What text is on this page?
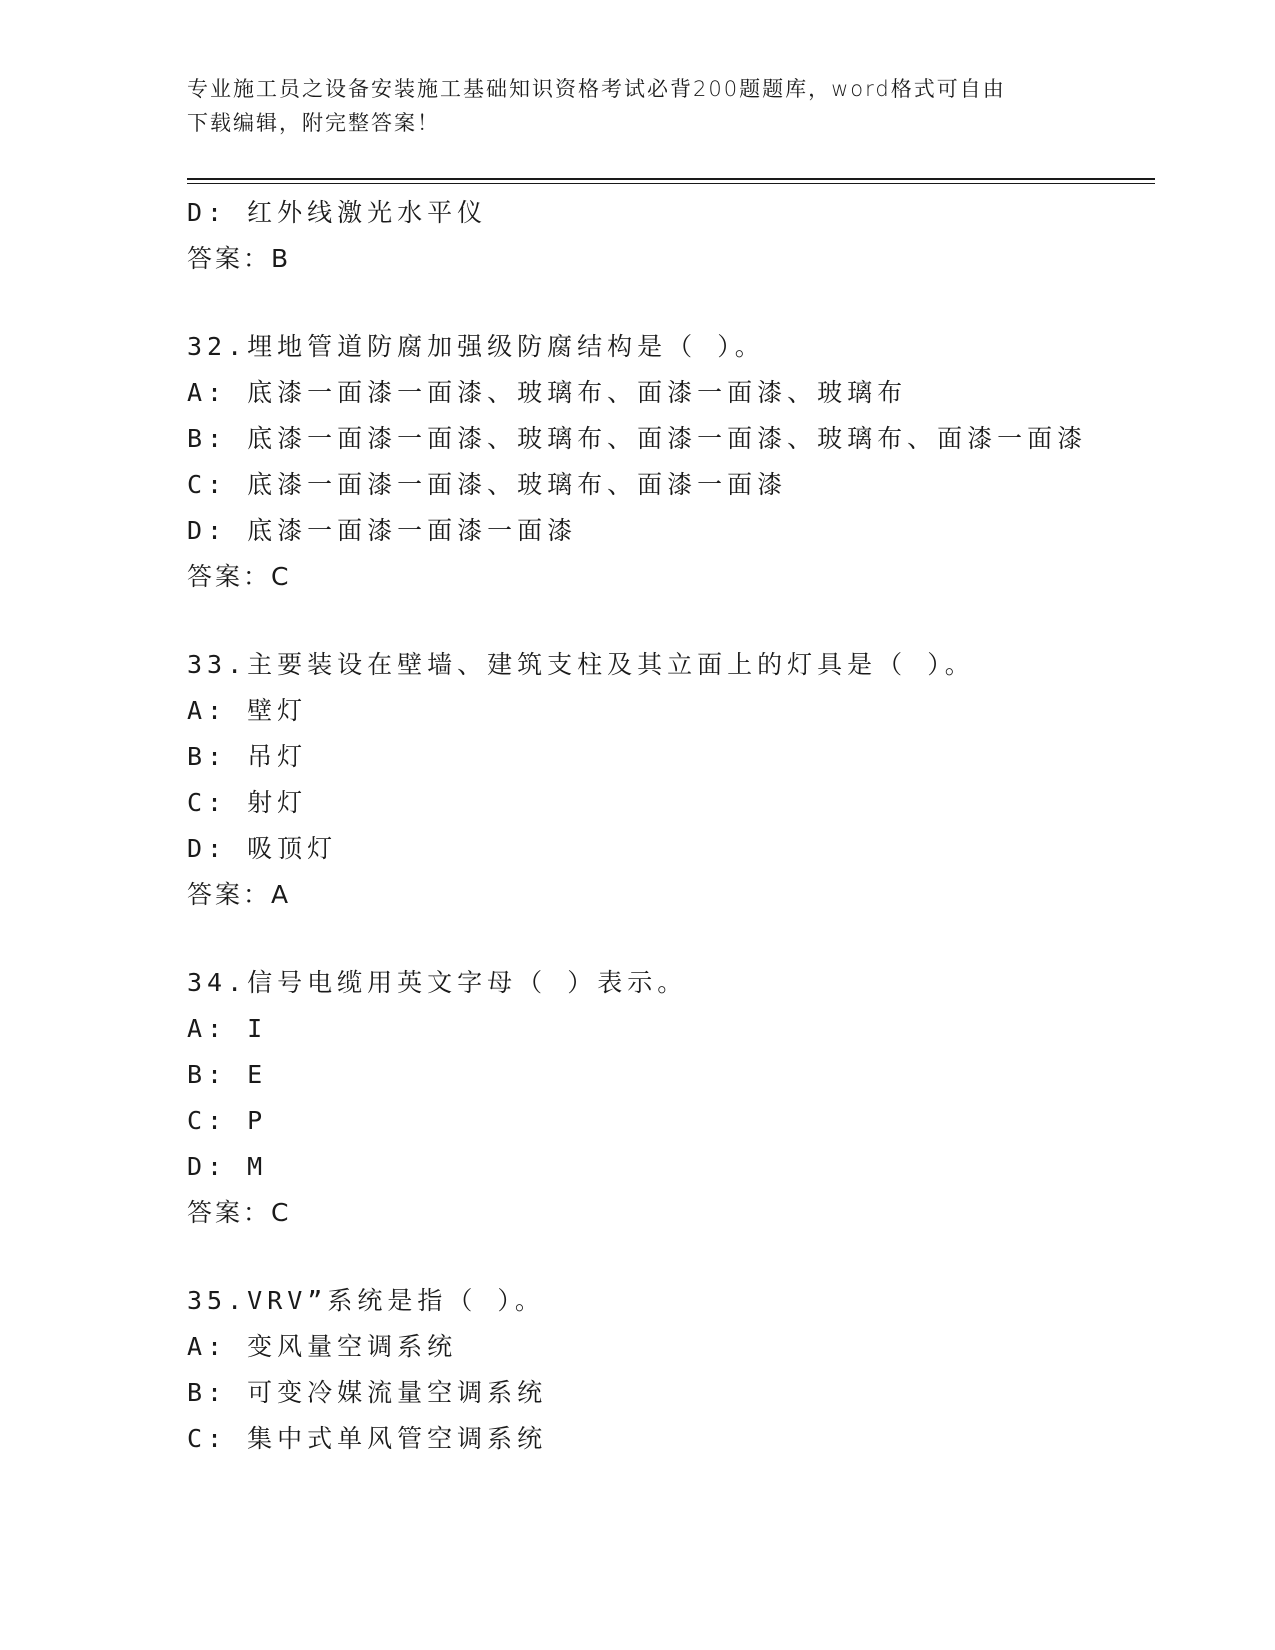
专业施工员之设备安装施工基础知识资格考试必背200题题库，word格式可自由
下载编辑，附完整答案！
D: 红外线激光水平仪
答案：B
32.埋地管道防腐加强级防腐结构是（ ）。
A: 底漆一面漆一面漆、玻璃布、面漆一面漆、玻璃布
B: 底漆一面漆一面漆、玻璃布、面漆一面漆、玻璃布、面漆一面漆
C: 底漆一面漆一面漆、玻璃布、面漆一面漆
D: 底漆一面漆一面漆一面漆
答案：C
33.主要装设在壁墙、建筑支柱及其立面上的灯具是（ ）。
A: 壁灯
B: 吊灯
C: 射灯
D: 吸顶灯
答案：A
34.信号电缆用英文字母（ ）表示。
A: I
B: E
C: P
D: M
答案：C
35.VRV”系统是指（ ）。
A: 变风量空调系统
B: 可变冷媒流量空调系统
C: 集中式单风管空调系统
